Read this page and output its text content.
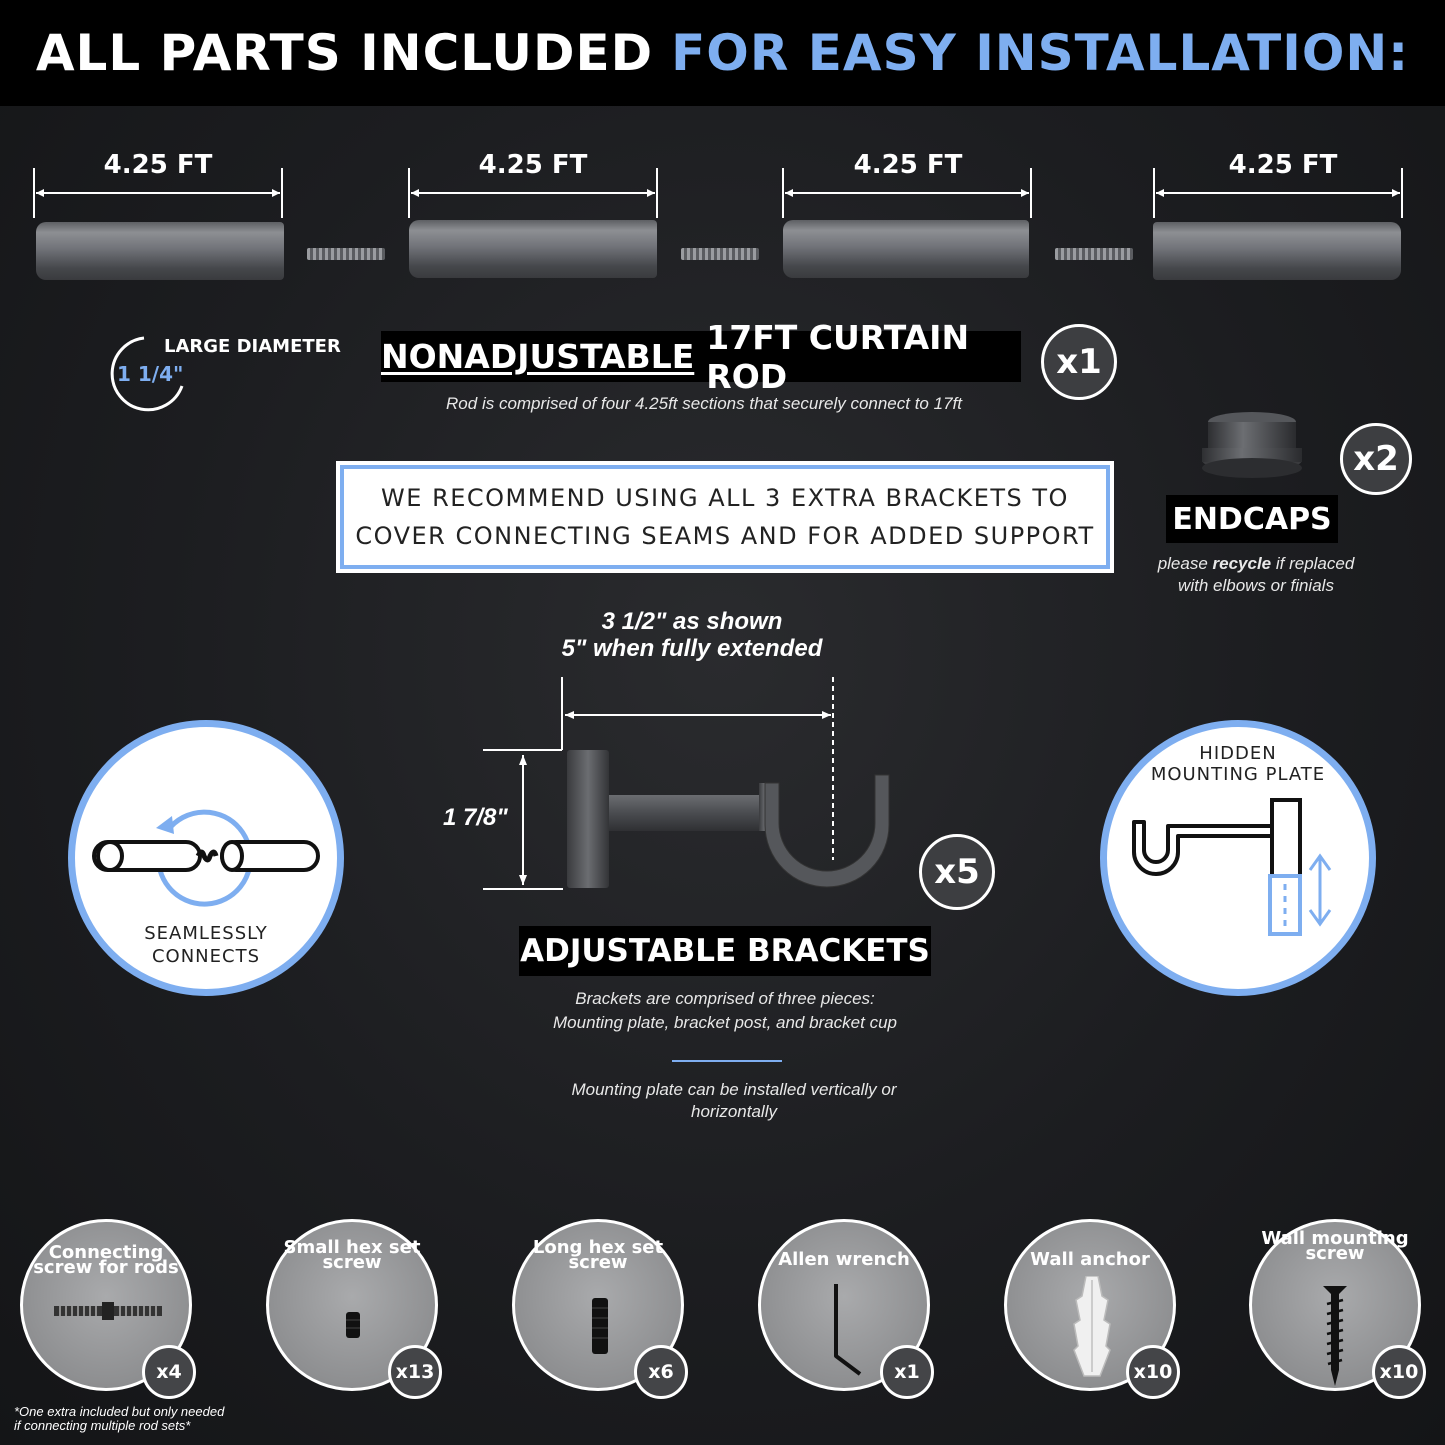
ALL PARTS INCLUDED FOR EASY INSTALLATION:
4.25 FT	4.25 FT	4.25 FT	4.25 FT
LARGE DIAMETER
1 1/4"	NONADJUSTABLE 17FT CURTAIN ROD	x1
Rod is comprised of four 4.25ft sections that securely connect to 17ft
WE RECOMMEND USING ALL 3 EXTRA BRACKETS TO
COVER CONNECTING SEAMS AND FOR ADDED SUPPORT
x2
ENDCAPS
please recycle if replaced
with elbows or finials
3 1/2" as shown
5" when fully extended
1 7/8"
x5
ADJUSTABLE BRACKETS
Brackets are comprised of three pieces:
Mounting plate, bracket post, and bracket cup
Mounting plate can be installed vertically or
horizontally
SEAMLESSLY
CONNECTS
HIDDEN
MOUNTING PLATE
Connecting screw for rods
x4
Small hex set screw
x13
Long hex set screw
x6
Allen wrench
x1
Wall anchor
x10
Wall mounting screw
x10
*One extra included but only needed
if connecting multiple rod sets*
